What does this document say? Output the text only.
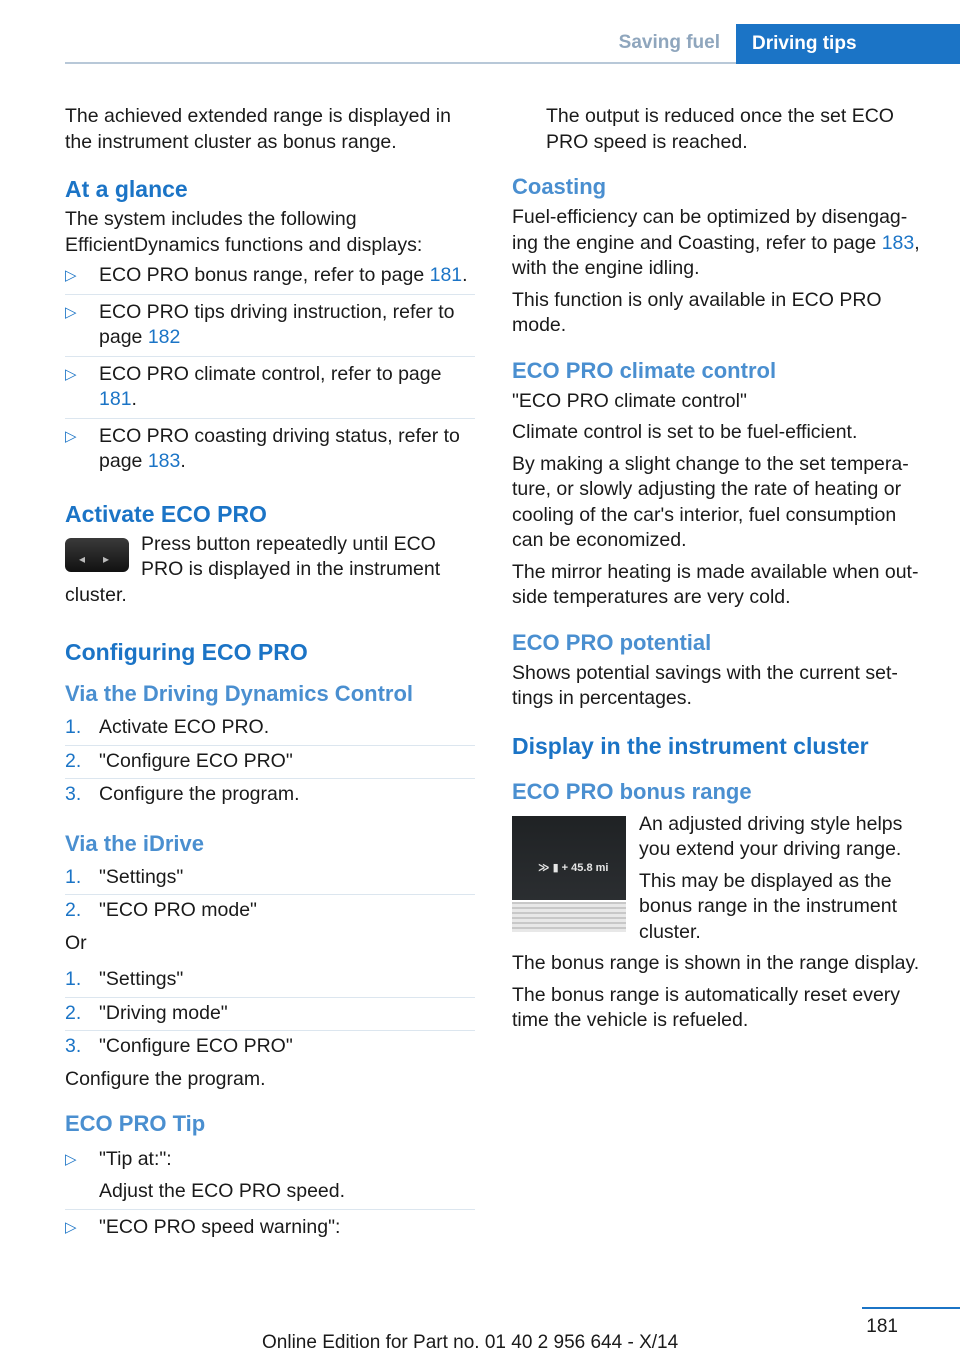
Saving fuel	Driving tips

The achieved extended range is displayed in the instrument cluster as bonus range.

At a glance

The system includes the following EfficientDynamics functions and displays:

▷ ECO PRO bonus range, refer to page 181.
▷ ECO PRO tips driving instruction, refer to page 182
▷ ECO PRO climate control, refer to page 181.
▷ ECO PRO coasting driving status, refer to page 183.
Activate ECO PRO
◂ ▸

Press button repeatedly until ECO PRO is displayed in the instrument cluster.

Configuring ECO PRO
Via the Driving Dynamics Control
1. Activate ECO PRO.
2. "Configure ECO PRO"
3. Configure the program.
Via the iDrive
1. "Settings"
2. "ECO PRO mode"

Or

1. "Settings"
2. "Driving mode"
3. "Configure ECO PRO"

Configure the program.

ECO PRO Tip
▷ "Tip at:":
Adjust the ECO PRO speed.
▷ "ECO PRO speed warning":

The output is reduced once the set ECO PRO speed is reached.

Coasting

Fuel-efficiency can be optimized by disengag‐ing the engine and Coasting, refer to page 183, with the engine idling.

This function is only available in ECO PRO mode.

ECO PRO climate control

"ECO PRO climate control"

Climate control is set to be fuel-efficient.

By making a slight change to the set tempera‐ture, or slowly adjusting the rate of heating or cooling of the car's interior, fuel consumption can be economized.

The mirror heating is made available when out‐side temperatures are very cold.

ECO PRO potential

Shows potential savings with the current set‐tings in percentages.

Display in the instrument cluster
ECO PRO bonus range
≫ ▮ + 45.8 mi

An adjusted driving style helps you extend your driving range.

This may be displayed as the bonus range in the instrument cluster.

The bonus range is shown in the range display.

The bonus range is automatically reset every time the vehicle is refueled.

181
Online Edition for Part no. 01 40 2 956 644 - X/14
